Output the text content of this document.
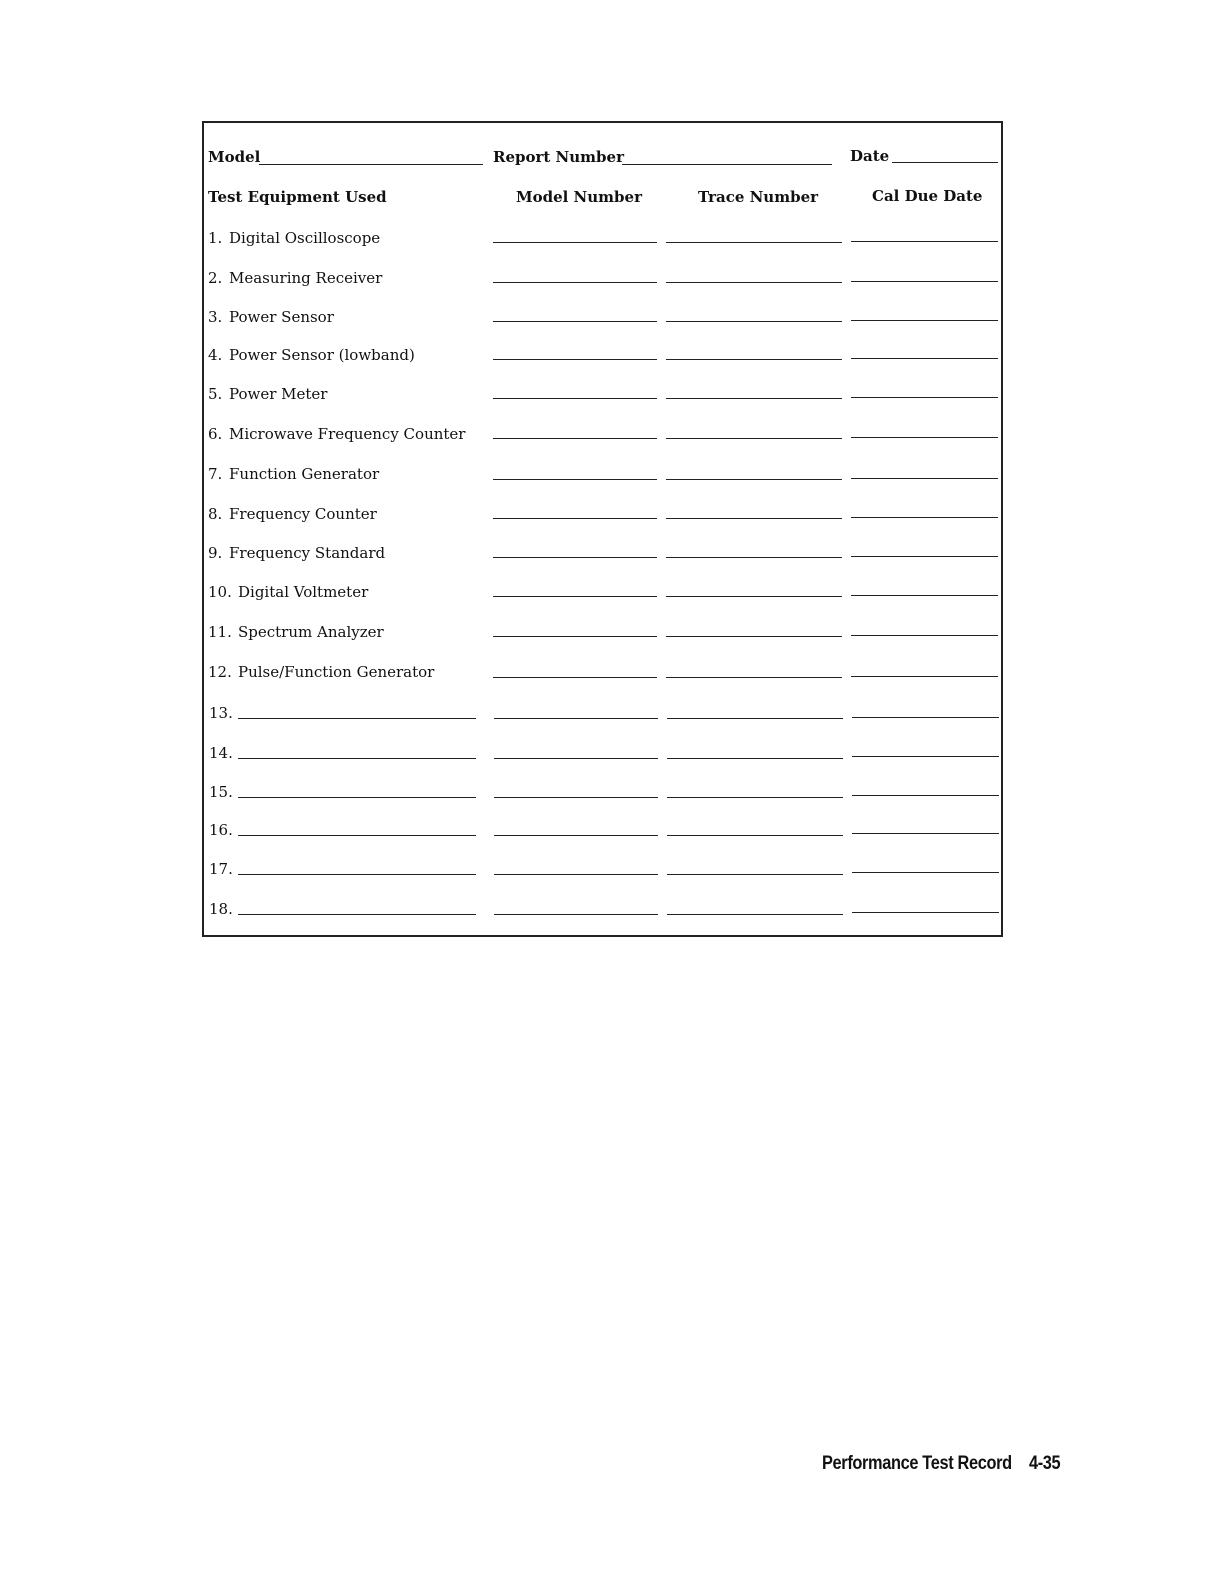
Model	Report Number	Date
Test Equipment Used	Model Number	Trace Number	Cal Due Date
1. Digital Oscilloscope
2. Measuring Receiver
3. Power Sensor
4. Power Sensor (lowband)
5. Power Meter
6. Microwave Frequency Counter
7. Function Generator
8. Frequency Counter
9. Frequency Standard
10. Digital Voltmeter
11. Spectrum Analyzer
12. Pulse/Function Generator
13.
14.
15.
16.
17.
18.
Performance Test Record 4-35
